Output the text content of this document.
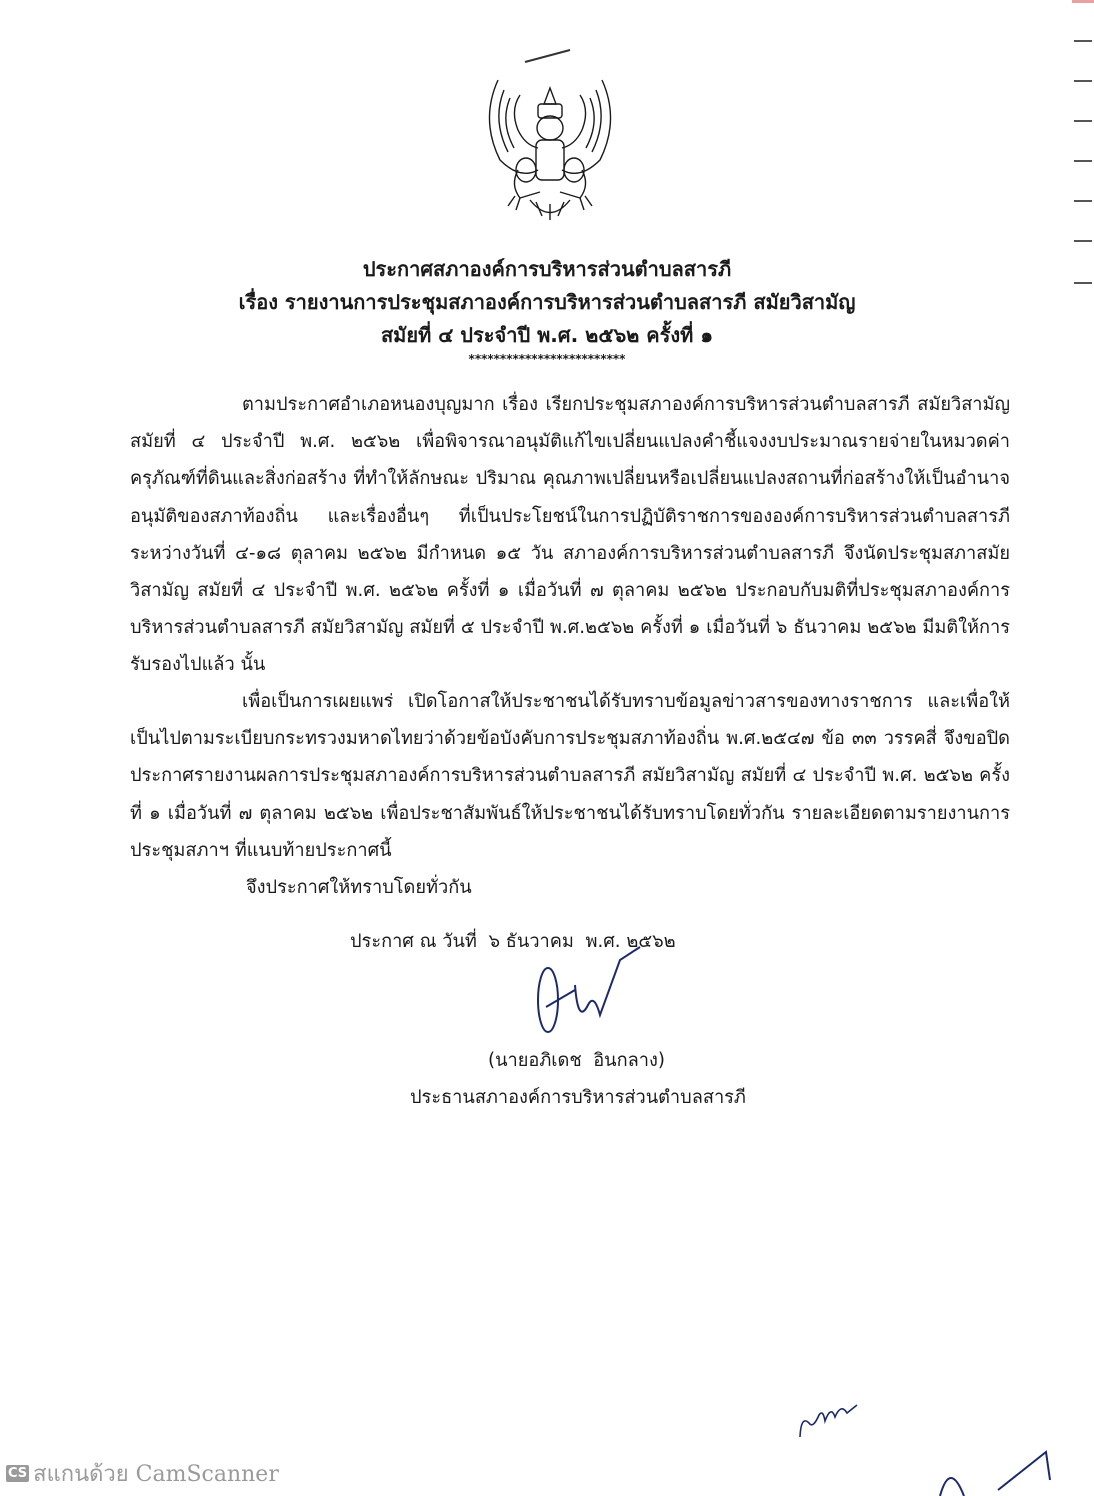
ประกาศสภาองค์การบริหารส่วนตำบลสารภี
เรื่อง รายงานการประชุมสภาองค์การบริหารส่วนตำบลสารภี สมัยวิสามัญ
สมัยที่ ๔ ประจำปี พ.ศ. ๒๕๖๒ ครั้งที่ ๑
*************************
ตามประกาศอำเภอหนองบุญมาก เรื่อง เรียกประชุมสภาองค์การบริหารส่วนตำบลสารภี สมัยวิสามัญ สมัยที่ ๔ ประจำปี พ.ศ. ๒๕๖๒ เพื่อพิจารณาอนุมัติแก้ไขเปลี่ยนแปลงคำชี้แจงงบประมาณรายจ่ายในหมวดค่าครุภัณฑ์ที่ดินและสิ่งก่อสร้าง ที่ทำให้ลักษณะ ปริมาณ คุณภาพเปลี่ยนหรือเปลี่ยนแปลงสถานที่ก่อสร้างให้เป็นอำนาจอนุมัติของสภาท้องถิ่น และเรื่องอื่นๆ ที่เป็นประโยชน์ในการปฏิบัติราชการขององค์การบริหารส่วนตำบลสารภี ระหว่างวันที่ ๔-๑๘ ตุลาคม ๒๕๖๒ มีกำหนด ๑๕ วัน สภาองค์การบริหารส่วนตำบลสารภี จึงนัดประชุมสภาสมัยวิสามัญ สมัยที่ ๔ ประจำปี พ.ศ. ๒๕๖๒ ครั้งที่ ๑ เมื่อวันที่ ๗ ตุลาคม ๒๕๖๒ ประกอบกับมติที่ประชุมสภาองค์การบริหารส่วนตำบลสารภี สมัยวิสามัญ สมัยที่ ๕ ประจำปี พ.ศ.๒๕๖๒ ครั้งที่ ๑ เมื่อวันที่ ๖ ธันวาคม ๒๕๖๒ มีมติให้การรับรองไปแล้ว นั้น
เพื่อเป็นการเผยแพร่ เปิดโอกาสให้ประชาชนได้รับทราบข้อมูลข่าวสารของทางราชการ และเพื่อให้เป็นไปตามระเบียบกระทรวงมหาดไทยว่าด้วยข้อบังคับการประชุมสภาท้องถิ่น พ.ศ.๒๕๔๗ ข้อ ๓๓ วรรคสี่ จึงขอปิดประกาศรายงานผลการประชุมสภาองค์การบริหารส่วนตำบลสารภี สมัยวิสามัญ สมัยที่ ๔ ประจำปี พ.ศ. ๒๕๖๒ ครั้งที่ ๑ เมื่อวันที่ ๗ ตุลาคม ๒๕๖๒ เพื่อประชาสัมพันธ์ให้ประชาชนได้รับทราบโดยทั่วกัน รายละเอียดตามรายงานการประชุมสภาฯ ที่แนบท้ายประกาศนี้
จึงประกาศให้ทราบโดยทั่วกัน
ประกาศ ณ วันที่  ๖ ธันวาคม  พ.ศ. ๒๕๖๒
(นายอภิเดช  อินกลาง)
ประธานสภาองค์การบริหารส่วนตำบลสารภี
CS สแกนด้วย CamScanner
